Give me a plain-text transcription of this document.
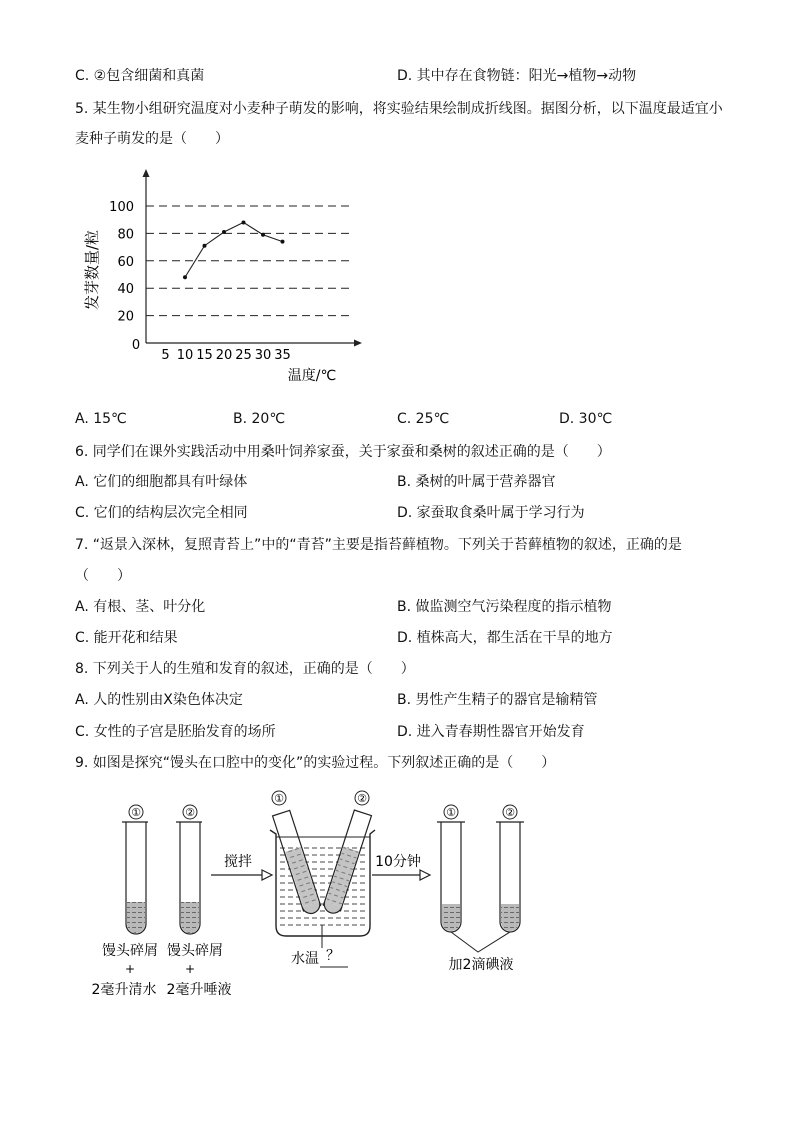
C. ②包含细菌和真菌	D. 其中存在食物链：阳光→植物→动物
5. 某生物小组研究温度对小麦种子萌发的影响，将实验结果绘制成折线图。据图分析，以下温度最适宜小
麦种子萌发的是（　　）
20
40
60
80
100
0
5 10 15 20 25 30 35
温度/℃
发芽数量/粒
A. 15℃	B. 20℃	C. 25℃	D. 30℃
6. 同学们在课外实践活动中用桑叶饲养家蚕，关于家蚕和桑树的叙述正确的是（　　）
A. 它们的细胞都具有叶绿体	B. 桑树的叶属于营养器官
C. 它们的结构层次完全相同	D. 家蚕取食桑叶属于学习行为
7. “返景入深林，复照青苔上”中的“青苔”主要是指苔藓植物。下列关于苔藓植物的叙述，正确的是
（　　）
A. 有根、茎、叶分化	B. 做监测空气污染程度的指示植物
C. 能开花和结果	D. 植株高大，都生活在干旱的地方
8. 下列关于人的生殖和发育的叙述，正确的是（　　）
A. 人的性别由X染色体决定	B. 男性产生精子的器官是输精管
C. 女性的子宫是胚胎发育的场所	D. 进入青春期性器官开始发育
9. 如图是探究“馒头在口腔中的变化”的实验过程。下列叙述正确的是（　　）
①	②
馒头碎屑
+
2毫升清水
馒头碎屑
+
2毫升唾液
搅拌
①	②
水温 ？
10分钟
①	②
加2滴碘液
